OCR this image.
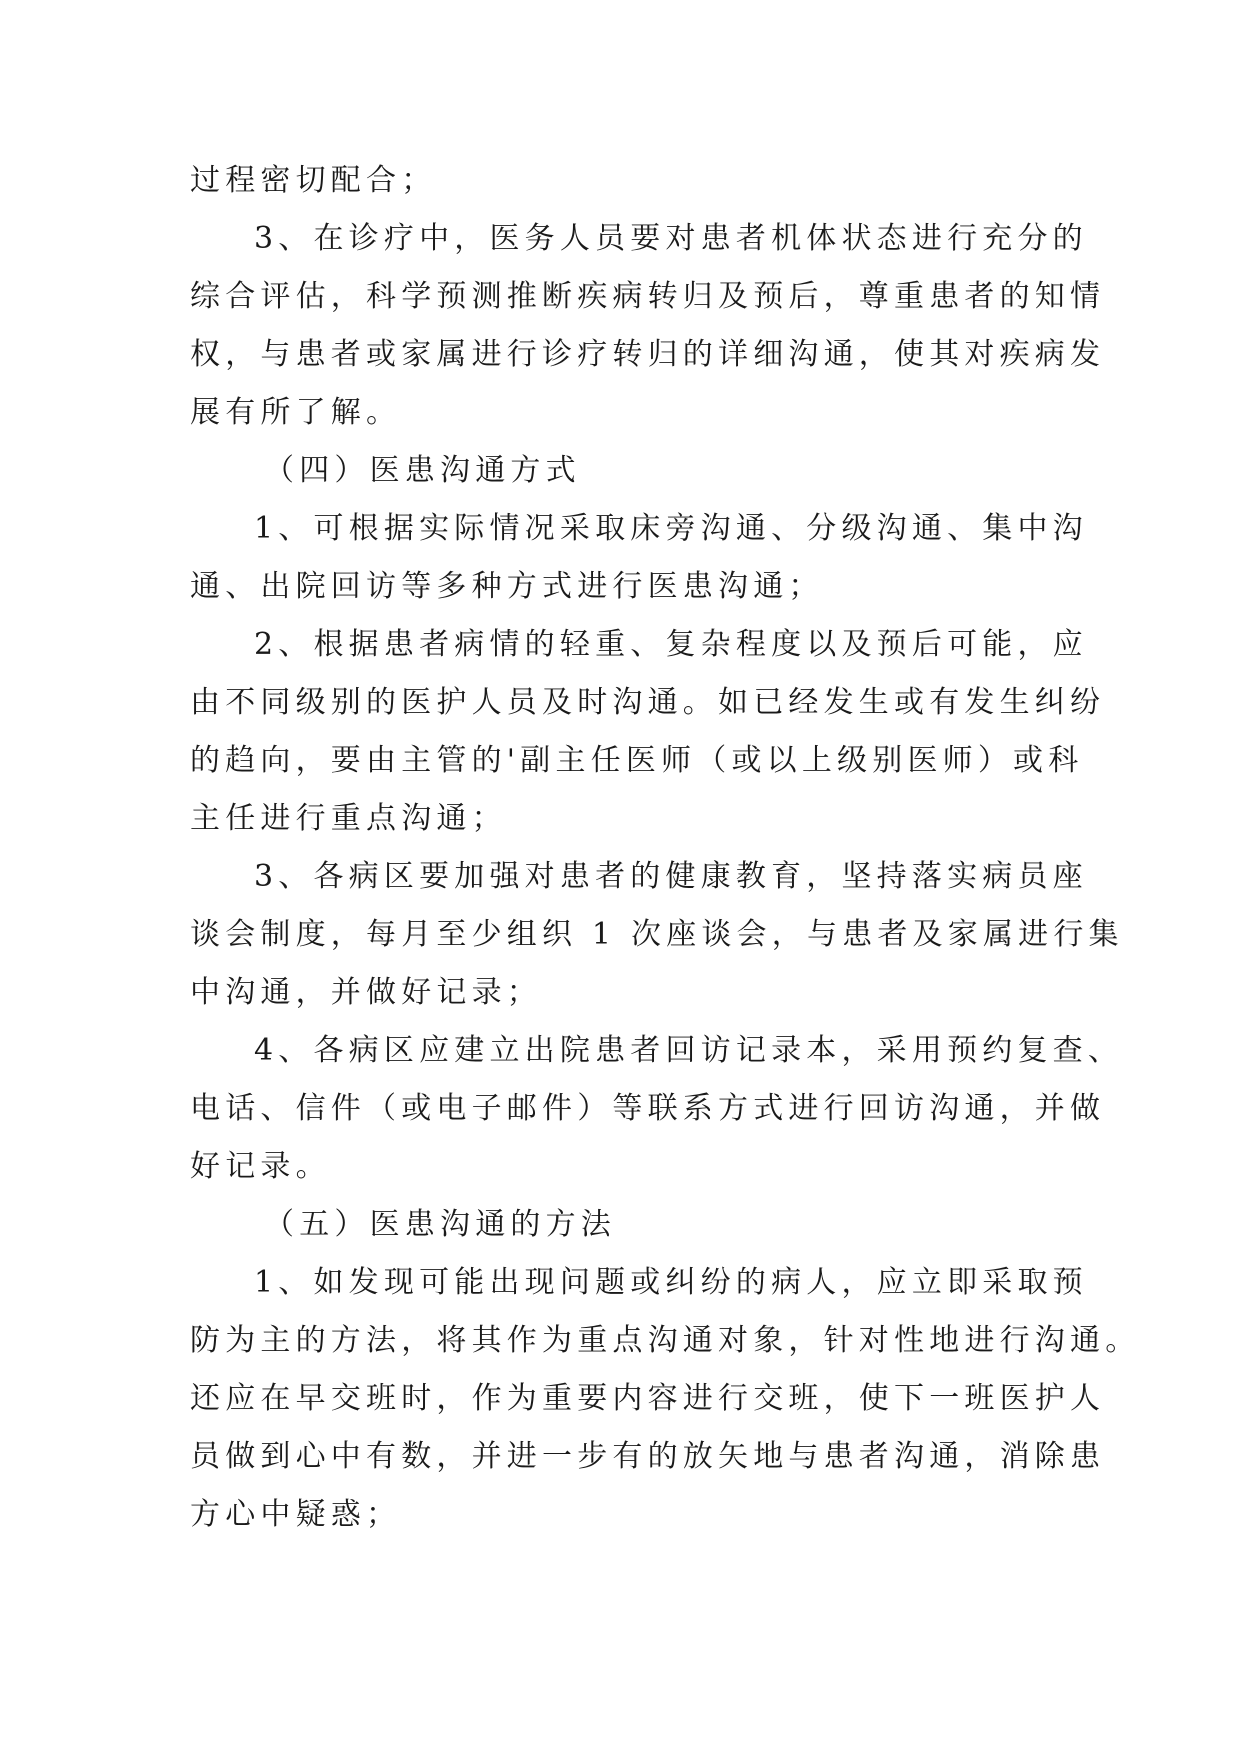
过程密切配合；
3、在诊疗中，医务人员要对患者机体状态进行充分的
综合评估，科学预测推断疾病转归及预后，尊重患者的知情
权，与患者或家属进行诊疗转归的详细沟通，使其对疾病发
展有所了解。
（四）医患沟通方式
1、可根据实际情况采取床旁沟通、分级沟通、集中沟
通、出院回访等多种方式进行医患沟通；
2、根据患者病情的轻重、复杂程度以及预后可能，应
由不同级别的医护人员及时沟通。如已经发生或有发生纠纷
的趋向，要由主管的'副主任医师（或以上级别医师）或科
主任进行重点沟通；
3、各病区要加强对患者的健康教育，坚持落实病员座
谈会制度，每月至少组织 1 次座谈会，与患者及家属进行集
中沟通，并做好记录；
4、各病区应建立出院患者回访记录本，采用预约复查、
电话、信件（或电子邮件）等联系方式进行回访沟通，并做
好记录。
（五）医患沟通的方法
1、如发现可能出现问题或纠纷的病人，应立即采取预
防为主的方法，将其作为重点沟通对象，针对性地进行沟通。
还应在早交班时，作为重要内容进行交班，使下一班医护人
员做到心中有数，并进一步有的放矢地与患者沟通，消除患
方心中疑惑；
